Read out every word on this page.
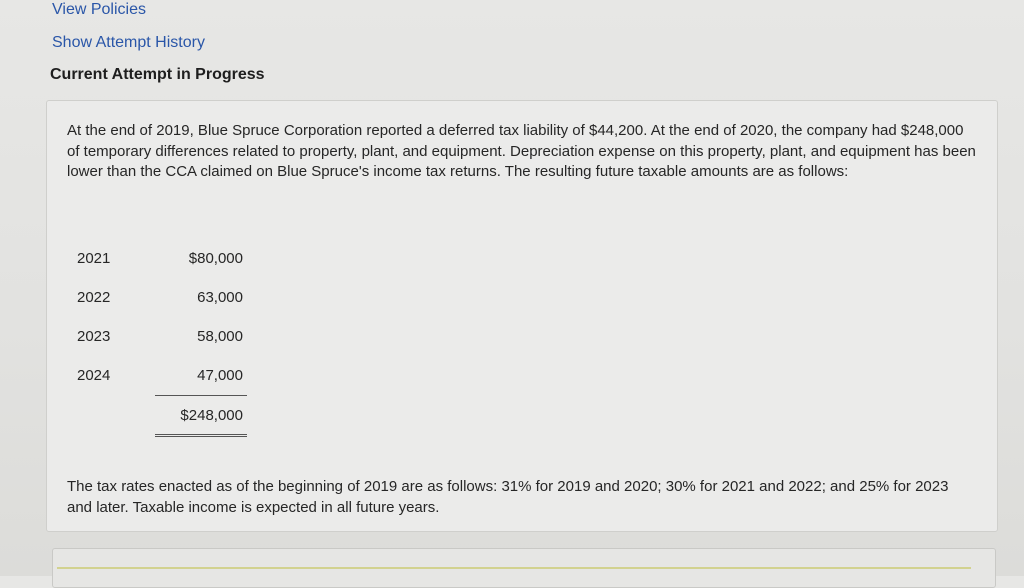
View Policies
Show Attempt History
Current Attempt in Progress

At the end of 2019, Blue Spruce Corporation reported a deferred tax liability of $44,200. At the end of 2020, the company had $248,000 of temporary differences related to property, plant, and equipment. Depreciation expense on this property, plant, and equipment has been lower than the CCA claimed on Blue Spruce's income tax returns. The resulting future taxable amounts are as follows:

2021	$80,000
2022	63,000
2023	58,000
2024	47,000
	$248,000

The tax rates enacted as of the beginning of 2019 are as follows: 31% for 2019 and 2020; 30% for 2021 and 2022; and 25% for 2023 and later. Taxable income is expected in all future years.
